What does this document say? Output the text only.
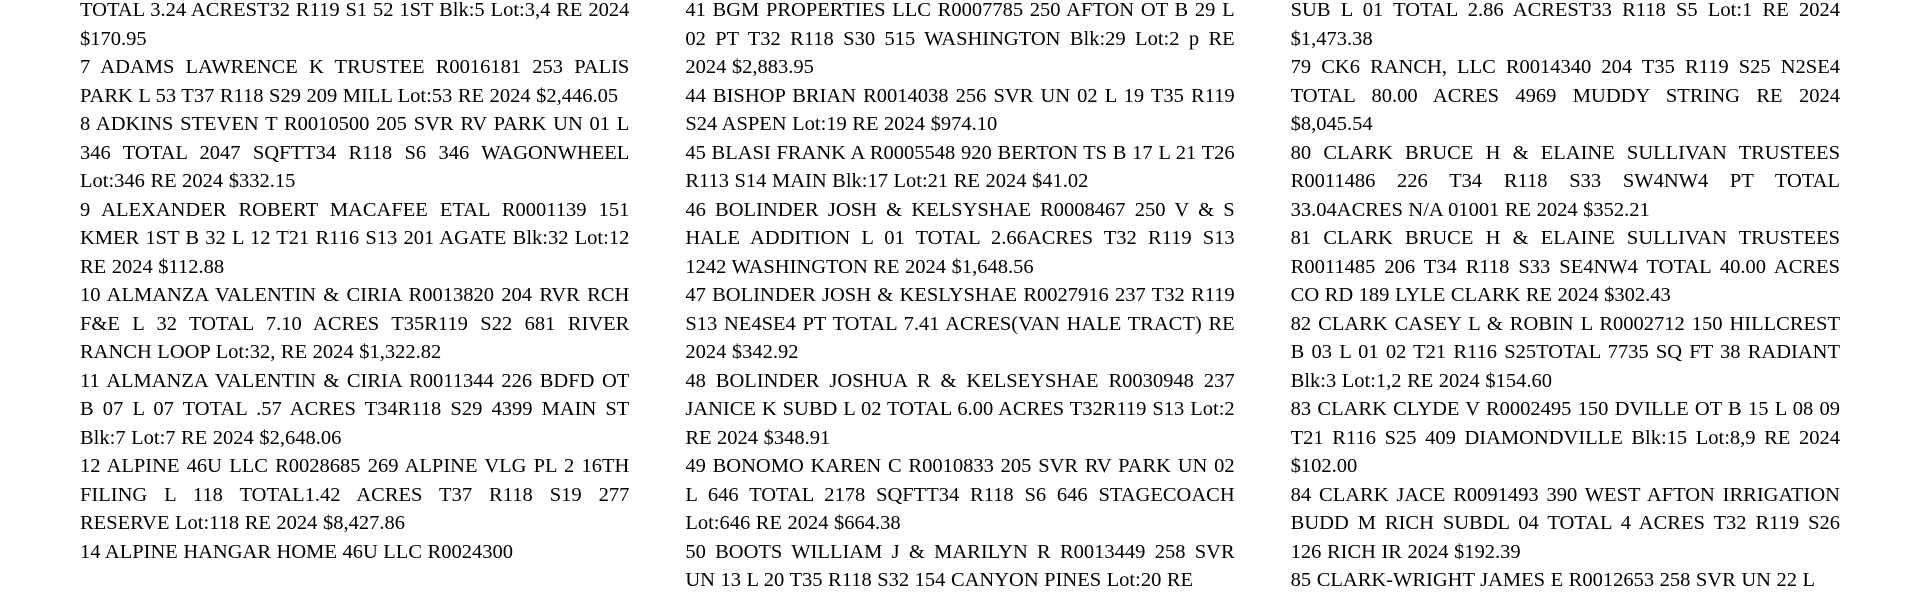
TOTAL 3.24 ACREST32 R119 S1 52 1ST Blk:5 Lot:3,4 RE 2024 $170.95

7 ADAMS LAWRENCE K TRUSTEE R0016181 253 PALIS PARK L 53 T37 R118 S29 209 MILL Lot:53 RE 2024 $2,446.05

8 ADKINS STEVEN T R0010500 205 SVR RV PARK UN 01 L 346 TOTAL 2047 SQFTT34 R118 S6 346 WAGONWHEEL Lot:346 RE 2024 $332.15

9 ALEXANDER ROBERT MACAFEE ETAL R0001139 151 KMER 1ST B 32 L 12 T21 R116 S13 201 AGATE Blk:32 Lot:12 RE 2024 $112.88

10 ALMANZA VALENTIN & CIRIA R0013820 204 RVR RCH F&E L 32 TOTAL 7.10 ACRES T35R119 S22 681 RIVER RANCH LOOP Lot:32, RE 2024 $1,322.82

11 ALMANZA VALENTIN & CIRIA R0011344 226 BDFD OT B 07 L 07 TOTAL .57 ACRES T34R118 S29 4399 MAIN ST Blk:7 Lot:7 RE 2024 $2,648.06

12 ALPINE 46U LLC R0028685 269 ALPINE VLG PL 2 16TH FILING L 118 TOTAL1.42 ACRES T37 R118 S19 277 RESERVE Lot:118 RE 2024 $8,427.86

14 ALPINE HANGAR HOME 46U LLC R0024300

41 BGM PROPERTIES LLC R0007785 250 AFTON OT B 29 L 02 PT T32 R118 S30 515 WASHINGTON Blk:29 Lot:2 p RE 2024 $2,883.95

44 BISHOP BRIAN R0014038 256 SVR UN 02 L 19 T35 R119 S24 ASPEN Lot:19 RE 2024 $974.10

45 BLASI FRANK A R0005548 920 BERTON TS B 17 L 21 T26 R113 S14 MAIN Blk:17 Lot:21 RE 2024 $41.02

46 BOLINDER JOSH & KELSYSHAE R0008467 250 V & S HALE ADDITION L 01 TOTAL 2.66ACRES T32 R119 S13 1242 WASHINGTON RE 2024 $1,648.56

47 BOLINDER JOSH & KESLYSHAE R0027916 237 T32 R119 S13 NE4SE4 PT TOTAL 7.41 ACRES(VAN HALE TRACT) RE 2024 $342.92

48 BOLINDER JOSHUA R & KELSEYSHAE R0030948 237 JANICE K SUBD L 02 TOTAL 6.00 ACRES T32R119 S13 Lot:2 RE 2024 $348.91

49 BONOMO KAREN C R0010833 205 SVR RV PARK UN 02 L 646 TOTAL 2178 SQFTT34 R118 S6 646 STAGECOACH Lot:646 RE 2024 $664.38

50 BOOTS WILLIAM J & MARILYN R R0013449 258 SVR UN 13 L 20 T35 R118 S32 154 CANYON PINES Lot:20 RE

SUB L 01 TOTAL 2.86 ACREST33 R118 S5 Lot:1 RE 2024 $1,473.38

79 CK6 RANCH, LLC R0014340 204 T35 R119 S25 N2SE4 TOTAL 80.00 ACRES 4969 MUDDY STRING RE 2024 $8,045.54

80 CLARK BRUCE H & ELAINE SULLIVAN TRUSTEES R0011486 226 T34 R118 S33 SW4NW4 PT TOTAL 33.04ACRES N/A 01001 RE 2024 $352.21

81 CLARK BRUCE H & ELAINE SULLIVAN TRUSTEES R0011485 206 T34 R118 S33 SE4NW4 TOTAL 40.00 ACRES CO RD 189 LYLE CLARK RE 2024 $302.43

82 CLARK CASEY L & ROBIN L R0002712 150 HILLCREST B 03 L 01 02 T21 R116 S25TOTAL 7735 SQ FT 38 RADIANT Blk:3 Lot:1,2 RE 2024 $154.60

83 CLARK CLYDE V R0002495 150 DVILLE OT B 15 L 08 09 T21 R116 S25 409 DIAMONDVILLE Blk:15 Lot:8,9 RE 2024 $102.00

84 CLARK JACE R0091493 390 WEST AFTON IRRIGATION BUDD M RICH SUBDL 04 TOTAL 4 ACRES T32 R119 S26 126 RICH IR 2024 $192.39

85 CLARK-WRIGHT JAMES E R0012653 258 SVR UN 22 L
